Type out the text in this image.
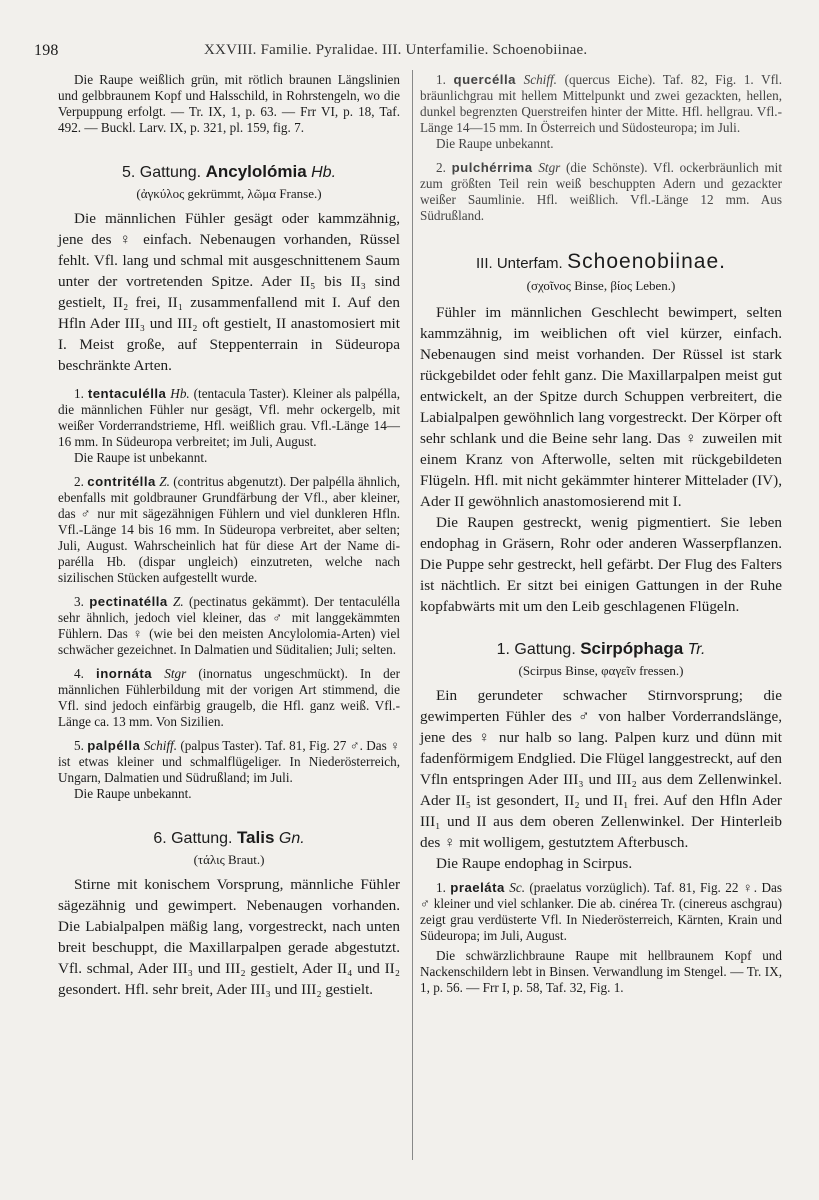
198	XXVIII. Familie. Pyralidae. III. Unterfamilie. Schoenobiinae.

Die Raupe weißlich grün, mit rötlich braunen Längslinien und gelbbraunem Kopf und Halsschild, in Rohrstengeln, wo die Verpuppung erfolgt. — Tr. IX, 1, p. 63. — Frr VI, p. 18, Taf. 492. — Buckl. Larv. IX, p. 321, pl. 159, fig. 7.

5. Gattung. Ancylolómia Hb.
(ἀγκύλος gekrümmt, λῶμα Franse.)

Die männlichen Fühler gesägt oder kammzähnig, jene des ♀ einfach. Nebenaugen vorhanden, Rüssel fehlt. Vfl. lang und schmal mit ausgeschnittenem Saum unter der vortretenden Spitze. Ader II₅ bis II₃ sind gestielt, II₂ frei, II₁ zusammenfallend mit I. Auf den Hfln Ader III₃ und III₂ oft gestielt, II anastomosiert mit I. Meist große, auf Steppenterrain in Südeuropa beschränkte Arten.

1. tentaculélla Hb. (tentacula Taster). Kleiner als palpélla, die männlichen Fühler nur gesägt, Vfl. mehr ockergelb, mit weißer Vorderrandstrieme, Hfl. weißlich grau. Vfl.-Länge 14—16 mm. In Südeuropa verbreitet; im Juli, August.

Die Raupe ist unbekannt.

2. contritélla Z. (contritus abgenutzt). Der palpélla ähnlich, ebenfalls mit goldbrauner Grundfärbung der Vfl., aber kleiner, das ♂ nur mit sägezähnigen Fühlern und viel dunkleren Hfln. Vfl.-Länge 14 bis 16 mm. In Südeuropa verbreitet, aber selten; Juli, August. Wahrscheinlich hat für diese Art der Name di-parélla Hb. (dispar ungleich) einzutreten, welche nach sizilischen Stücken aufgestellt wurde.

3. pectinatélla Z. (pectinatus gekämmt). Der tentaculélla sehr ähnlich, jedoch viel kleiner, das ♂ mit langgekämmten Fühlern. Das ♀ (wie bei den meisten Ancylolomia-Arten) viel schwächer gezeichnet. In Dalmatien und Süditalien; Juli; selten.

4. inornáta Stgr (inornatus ungeschmückt). In der männlichen Fühlerbildung mit der vorigen Art stimmend, die Vfl. sind jedoch einfärbig graugelb, die Hfl. ganz weiß. Vfl.-Länge ca. 13 mm. Von Sizilien.

5. palpélla Schiff. (palpus Taster). Taf. 81, Fig. 27 ♂. Das ♀ ist etwas kleiner und schmalflügeliger. In Niederösterreich, Ungarn, Dalmatien und Südrußland; im Juli.

Die Raupe unbekannt.

6. Gattung. Talis Gn.
(τάλις Braut.)

Stirne mit konischem Vorsprung, männliche Fühler sägezähnig und gewimpert. Nebenaugen vorhanden. Die Labialpalpen mäßig lang, vorgestreckt, nach unten breit beschuppt, die Maxillarpalpen gerade abgestutzt. Vfl. schmal, Ader III₃ und III₂ gestielt, Ader II₄ und II₂ gesondert. Hfl. sehr breit, Ader III₃ und III₂ gestielt.

1. quercélla Schiff. (quercus Eiche). Taf. 82, Fig. 1. Vfl. bräunlichgrau mit hellem Mittelpunkt und zwei gezackten, hellen, dunkel begrenzten Querstreifen hinter der Mitte. Hfl. hellgrau. Vfl.-Länge 14—15 mm. In Österreich und Südosteuropa; im Juli.

Die Raupe unbekannt.

2. pulchérrima Stgr (die Schönste). Vfl. ockerbräunlich mit zum größten Teil rein weiß beschuppten Adern und gezackter weißer Saumlinie. Hfl. weißlich. Vfl.-Länge 12 mm. Aus Südrußland.

III. Unterfam. Schoenobiinae.
(σχοῖνος Binse, βίος Leben.)

Fühler im männlichen Geschlecht bewimpert, selten kammzähnig, im weiblichen oft viel kürzer, einfach. Nebenaugen sind meist vorhanden. Der Rüssel ist stark rückgebildet oder fehlt ganz. Die Maxillarpalpen meist gut entwickelt, an der Spitze durch Schuppen verbreitert, die Labialpalpen gewöhnlich lang vorgestreckt. Der Körper oft sehr schlank und die Beine sehr lang. Das ♀ zuweilen mit einem Kranz von Afterwolle, selten mit rückgebildeten Flügeln. Hfl. mit nicht gekämmter hinterer Mittelader (IV), Ader II gewöhnlich anastomosierend mit I.

Die Raupen gestreckt, wenig pigmentiert. Sie leben endophag in Gräsern, Rohr oder anderen Wasserpflanzen. Die Puppe sehr gestreckt, hell gefärbt. Der Flug des Falters ist nächtlich. Er sitzt bei einigen Gattungen in der Ruhe kopfabwärts mit um den Leib geschlagenen Flügeln.

1. Gattung. Scirpóphaga Tr.
(Scirpus Binse, φαγεῖν fressen.)

Ein gerundeter schwacher Stirnvorsprung; die gewimperten Fühler des ♂ von halber Vorderrandslänge, jene des ♀ nur halb so lang. Palpen kurz und dünn mit fadenförmigem Endglied. Die Flügel langgestreckt, auf den Vfln entspringen Ader III₃ und III₂ aus dem Zellenwinkel. Ader II₅ ist gesondert, II₂ und II₁ frei. Auf den Hfln Ader III₁ und II aus dem oberen Zellenwinkel. Der Hinterleib des ♀ mit wolligem, gestutztem Afterbusch.

Die Raupe endophag in Scirpus.

1. praeláta Sc. (praelatus vorzüglich). Taf. 81, Fig. 22 ♀. Das ♂ kleiner und viel schlanker. Die ab. cinérea Tr. (cinereus aschgrau) zeigt grau verdüsterte Vfl. In Niederösterreich, Kärnten, Krain und Südeuropa; im Juli, August.

Die schwärzlichbraune Raupe mit hellbraunem Kopf und Nackenschildern lebt in Binsen. Verwandlung im Stengel. — Tr. IX, 1, p. 56. — Frr I, p. 58, Taf. 32, Fig. 1.
